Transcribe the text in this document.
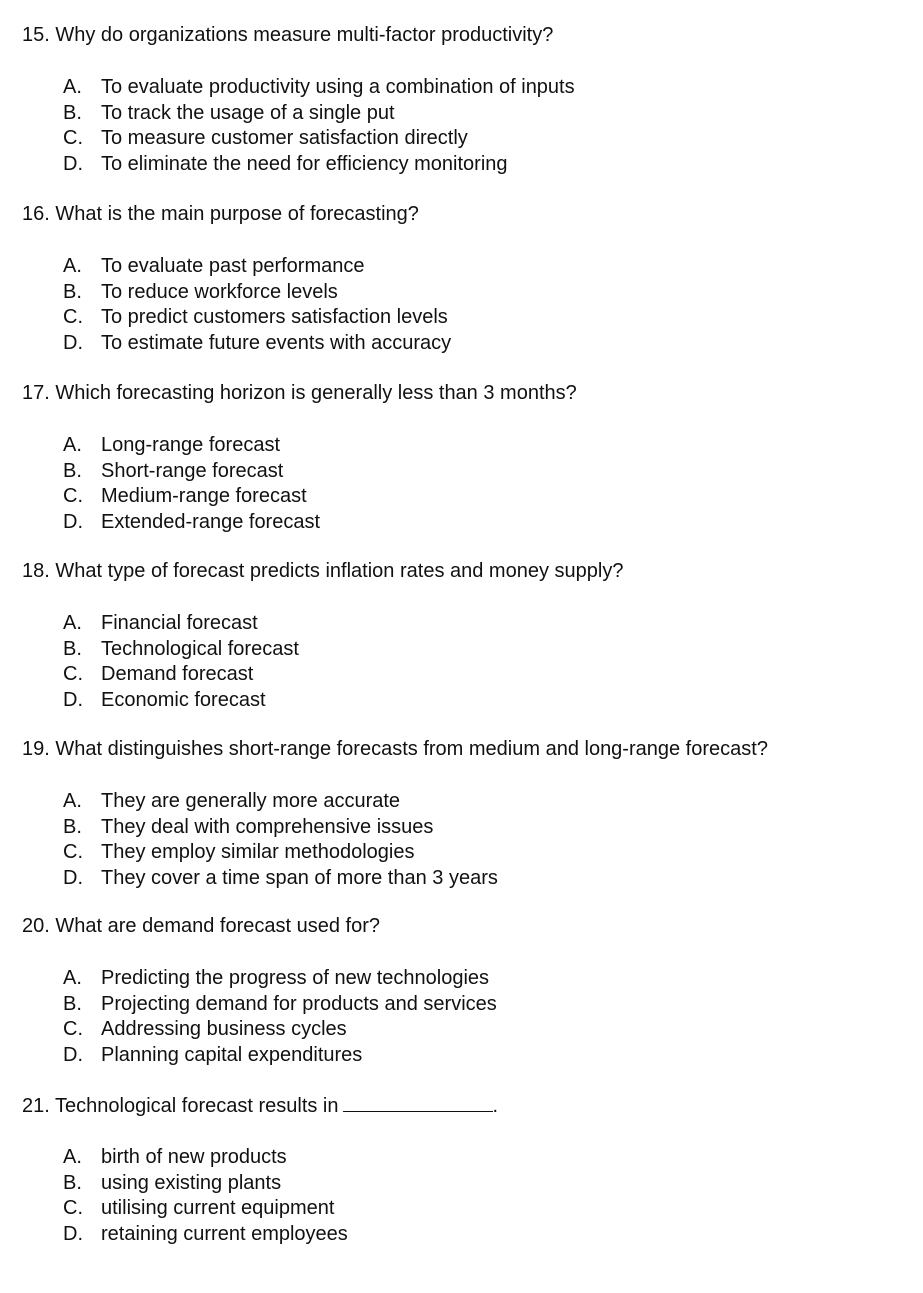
15. Why do organizations measure multi-factor productivity?
A. To evaluate productivity using a combination of inputs
B. To track the usage of a single put
C. To measure customer satisfaction directly
D. To eliminate the need for efficiency monitoring
16. What is the main purpose of forecasting?
A. To evaluate past performance
B. To reduce workforce levels
C. To predict customers satisfaction levels
D. To estimate future events with accuracy
17. Which forecasting horizon is generally less than 3 months?
A. Long-range forecast
B. Short-range forecast
C. Medium-range forecast
D. Extended-range forecast
18. What type of forecast predicts inflation rates and money supply?
A. Financial forecast
B. Technological forecast
C. Demand forecast
D. Economic forecast
19. What distinguishes short-range forecasts from medium and long-range forecast?
A. They are generally more accurate
B. They deal with comprehensive issues
C. They employ similar methodologies
D. They cover a time span of more than 3 years
20. What are demand forecast used for?
A. Predicting the progress of new technologies
B. Projecting demand for products and services
C. Addressing business cycles
D. Planning capital expenditures
21. Technological forecast results in	.
A. birth of new products
B. using existing plants
C. utilising current equipment
D. retaining current employees
